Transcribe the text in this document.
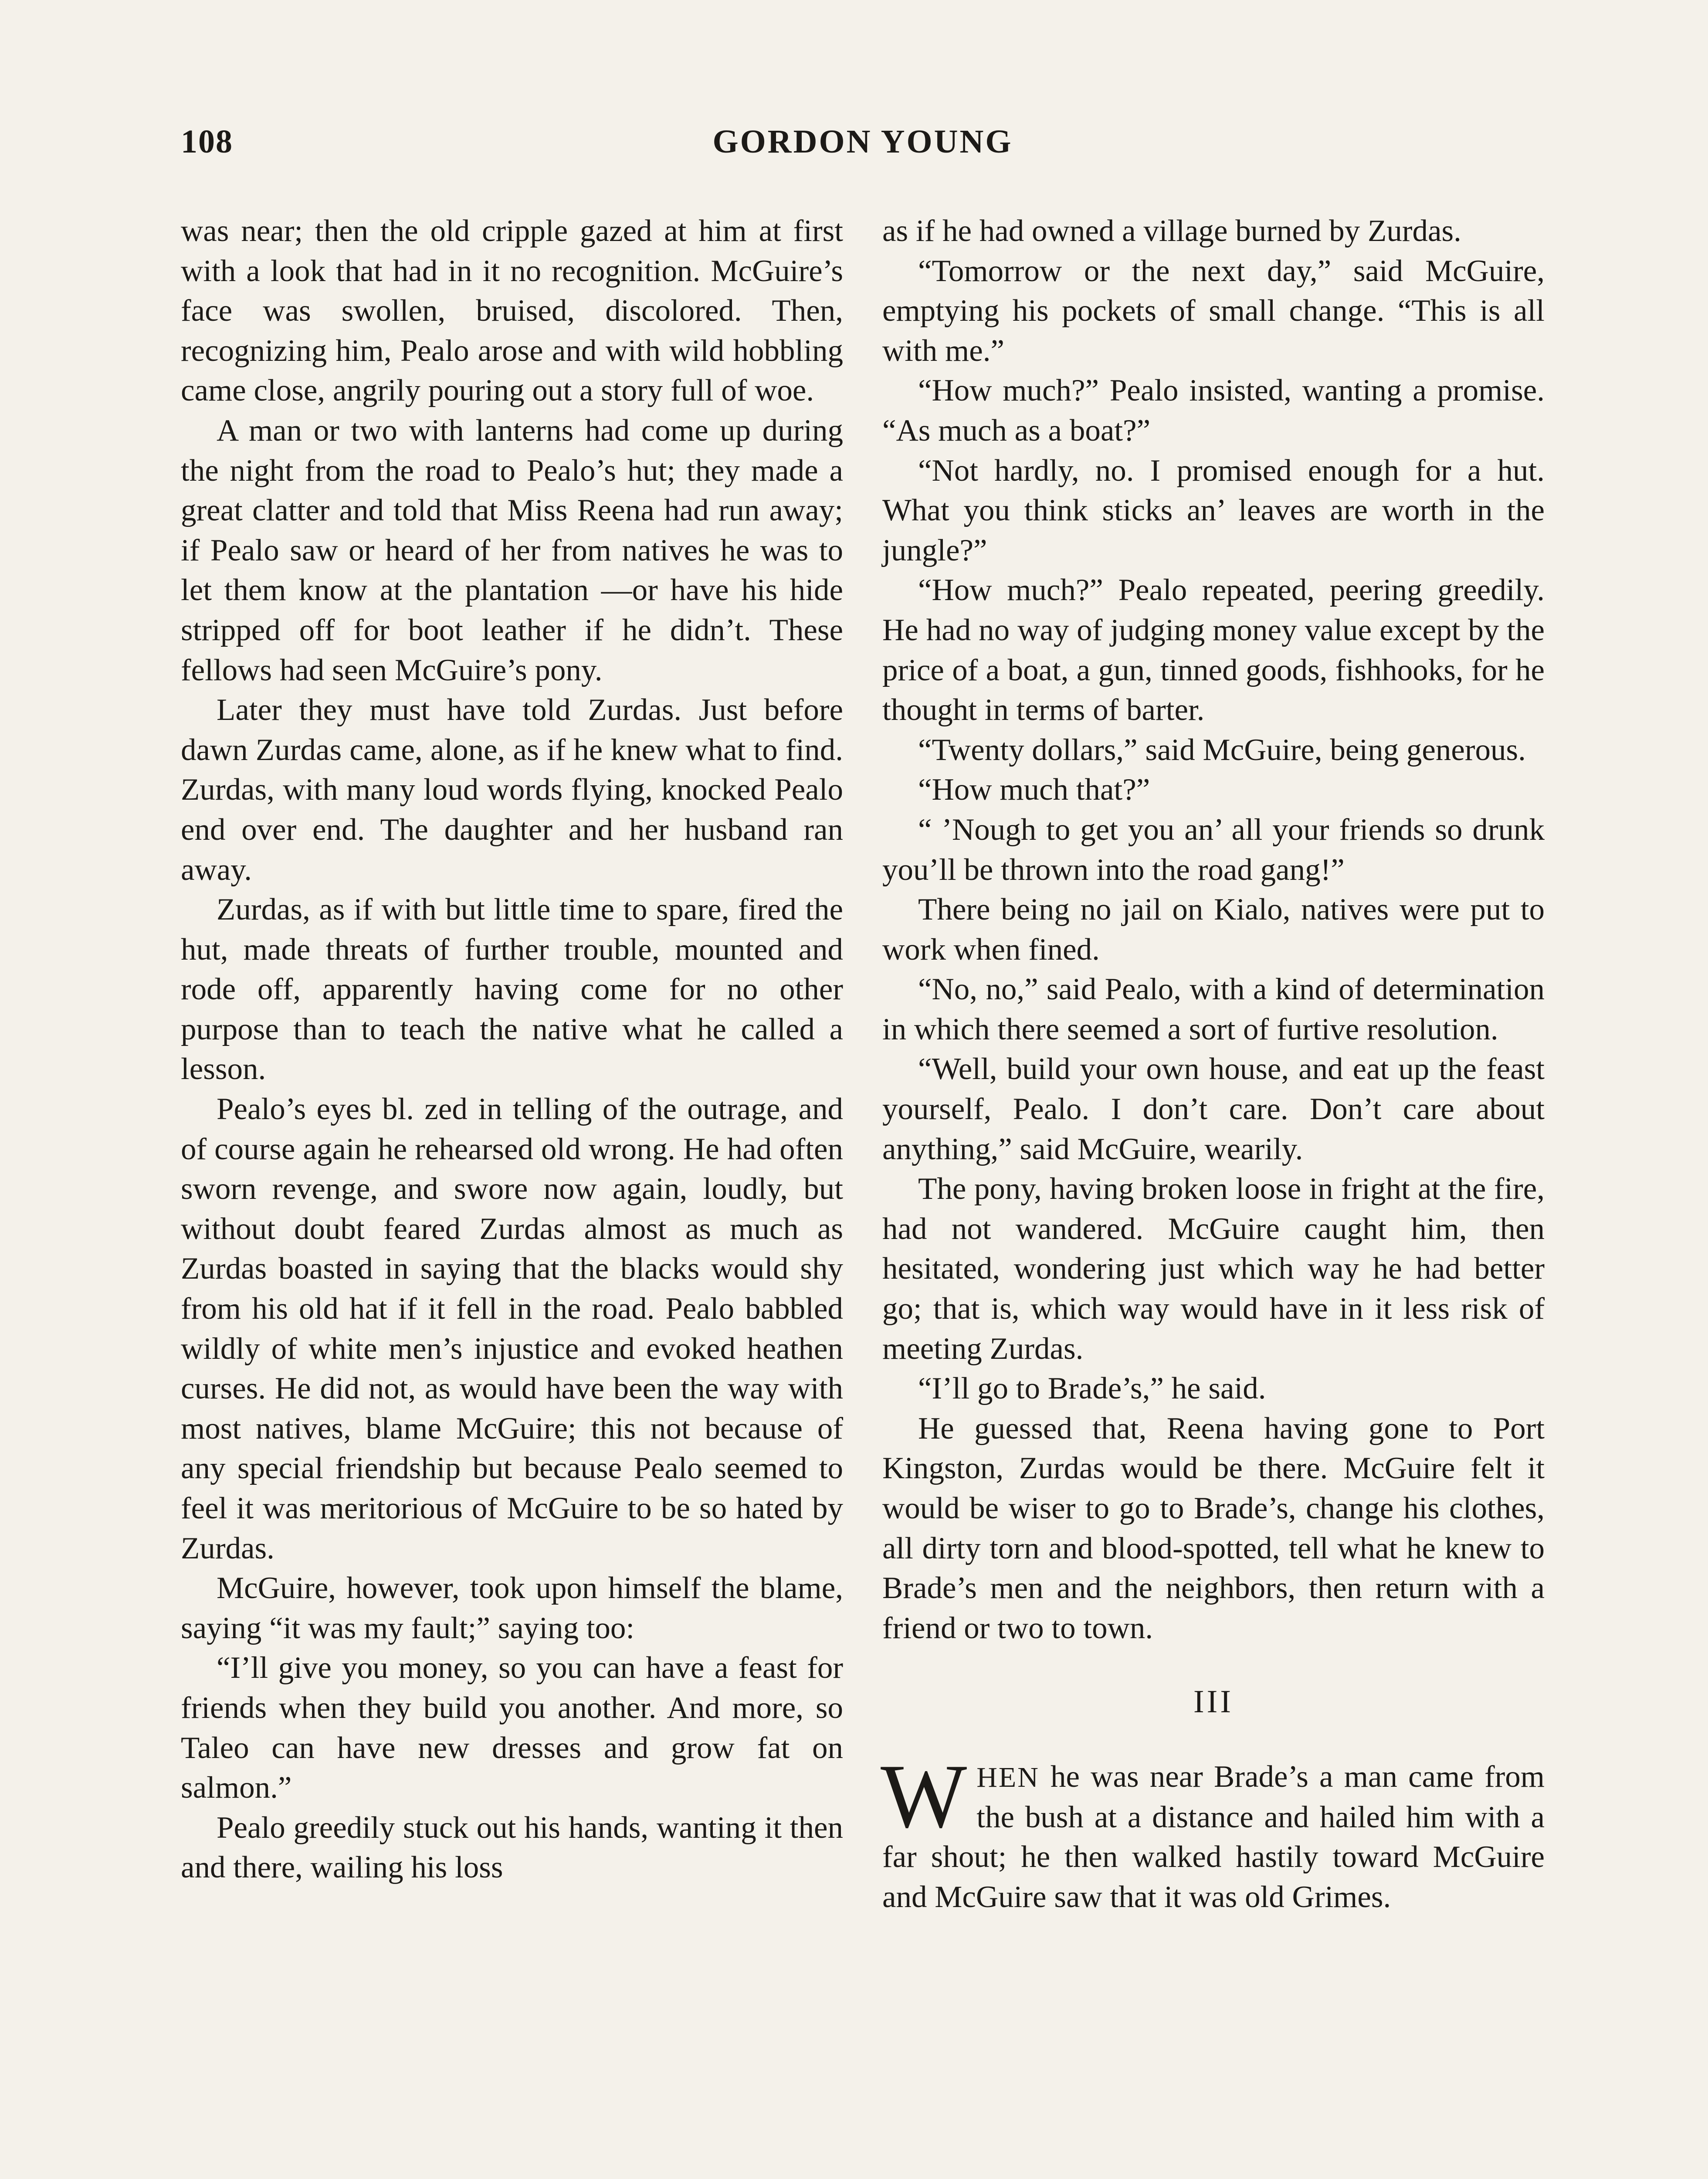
108	GORDON YOUNG

was near; then the old cripple gazed at him at first with a look that had in it no recognition. McGuire’s face was swollen, bruised, discolored. Then, recognizing him, Pealo arose and with wild hobbling came close, angrily pouring out a story full of woe.

A man or two with lanterns had come up during the night from the road to Pealo’s hut; they made a great clatter and told that Miss Reena had run away; if Pealo saw or heard of her from natives he was to let them know at the plantation —or have his hide stripped off for boot leather if he didn’t. These fellows had seen McGuire’s pony.

Later they must have told Zurdas. Just before dawn Zurdas came, alone, as if he knew what to find. Zurdas, with many loud words flying, knocked Pealo end over end. The daughter and her husband ran away.

Zurdas, as if with but little time to spare, fired the hut, made threats of further trouble, mounted and rode off, apparently having come for no other purpose than to teach the native what he called a lesson.

Pealo’s eyes bl. zed in telling of the outrage, and of course again he rehearsed old wrong. He had often sworn revenge, and swore now again, loudly, but without doubt feared Zurdas almost as much as Zurdas boasted in saying that the blacks would shy from his old hat if it fell in the road. Pealo babbled wildly of white men’s injustice and evoked heathen curses. He did not, as would have been the way with most natives, blame McGuire; this not because of any special friendship but because Pealo seemed to feel it was meritorious of McGuire to be so hated by Zurdas.

McGuire, however, took upon himself the blame, saying “it was my fault;” saying too:

“I’ll give you money, so you can have a feast for friends when they build you another. And more, so Taleo can have new dresses and grow fat on salmon.”

Pealo greedily stuck out his hands, wanting it then and there, wailing his loss

as if he had owned a village burned by Zurdas.

“Tomorrow or the next day,” said McGuire, emptying his pockets of small change. “This is all with me.”

“How much?” Pealo insisted, wanting a promise. “As much as a boat?”

“Not hardly, no. I promised enough for a hut. What you think sticks an’ leaves are worth in the jungle?”

“How much?” Pealo repeated, peering greedily. He had no way of judging money value except by the price of a boat, a gun, tinned goods, fishhooks, for he thought in terms of barter.

“Twenty dollars,” said McGuire, being generous.

“How much that?”

“ ’Nough to get you an’ all your friends so drunk you’ll be thrown into the road gang!”

There being no jail on Kialo, natives were put to work when fined.

“No, no,” said Pealo, with a kind of determination in which there seemed a sort of furtive resolution.

“Well, build your own house, and eat up the feast yourself, Pealo. I don’t care. Don’t care about anything,” said McGuire, wearily.

The pony, having broken loose in fright at the fire, had not wandered. McGuire caught him, then hesitated, wondering just which way he had better go; that is, which way would have in it less risk of meeting Zurdas.

“I’ll go to Brade’s,” he said.

He guessed that, Reena having gone to Port Kingston, Zurdas would be there. McGuire felt it would be wiser to go to Brade’s, change his clothes, all dirty torn and blood-spotted, tell what he knew to Brade’s men and the neighbors, then return with a friend or two to town.

III

WHEN he was near Brade’s a man came from the bush at a distance and hailed him with a far shout; he then walked hastily toward McGuire and McGuire saw that it was old Grimes.
